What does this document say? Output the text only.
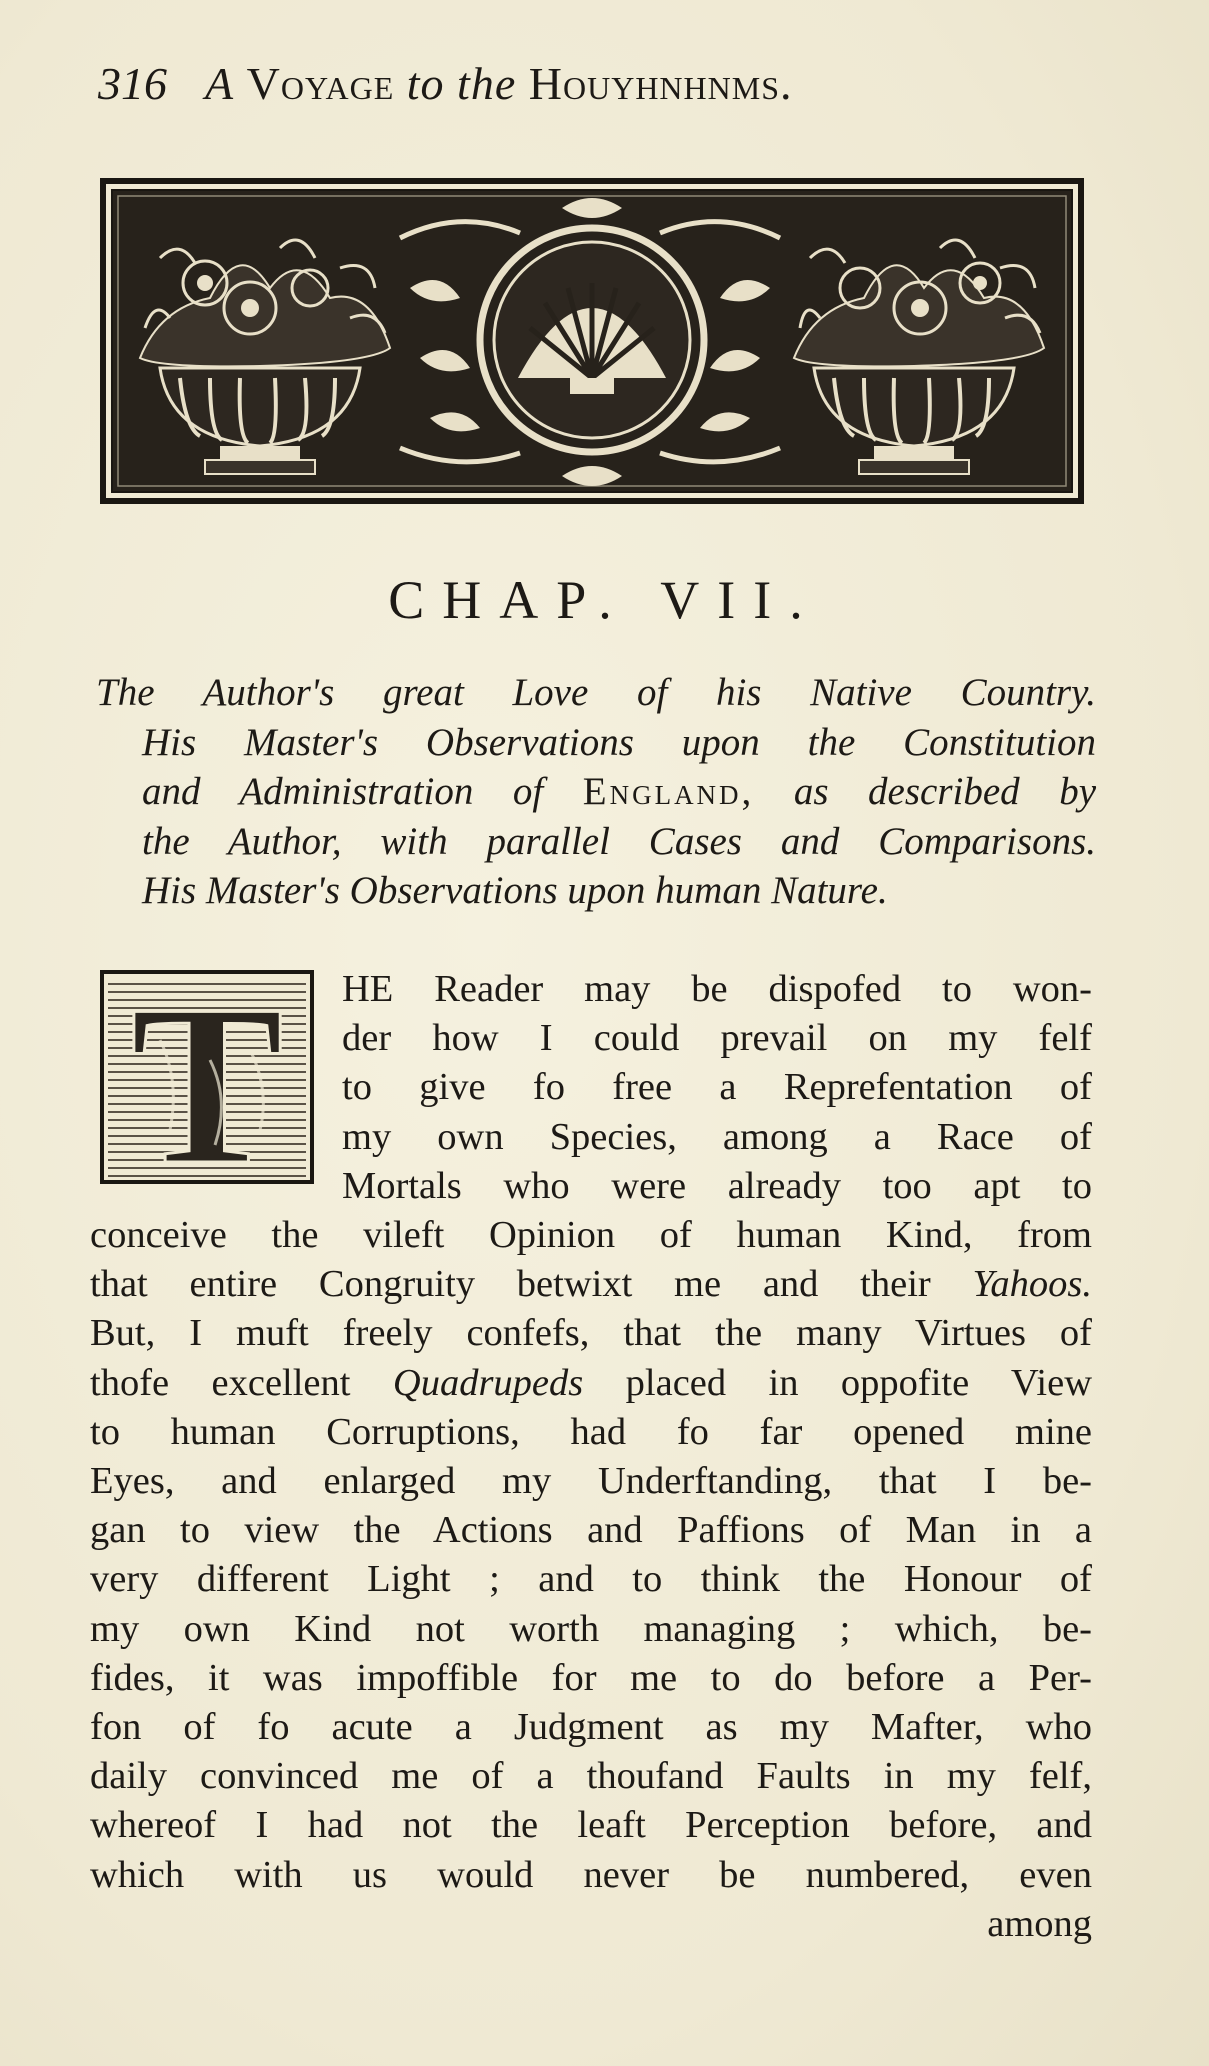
316 A Voyage to the Houyhnhnms.
CHAP. VII.
The Author's great Love of his Native Country.
His Master's Observations upon the Constitution
and Administration of England, as described by
the Author, with parallel Cases and Comparisons.
His Master's Observations upon human Nature.
T HE Reader may be dispofed to won-
der how I could prevail on my felf
to give fo free a Reprefentation of
my own Species, among a Race of
Mortals who were already too apt to
conceive the vileft Opinion of human Kind, from
that entire Congruity betwixt me and their Yahoos.
But, I muft freely confefs, that the many Virtues of
thofe excellent Quadrupeds placed in oppofite View
to human Corruptions, had fo far opened mine
Eyes, and enlarged my Underftanding, that I be-
gan to view the Actions and Paffions of Man in a
very different Light ; and to think the Honour of
my own Kind not worth managing ; which, be-
fides, it was impoffible for me to do before a Per-
fon of fo acute a Judgment as my Mafter, who
daily convinced me of a thoufand Faults in my felf,
whereof I had not the leaft Perception before, and
which with us would never be numbered, even
among
